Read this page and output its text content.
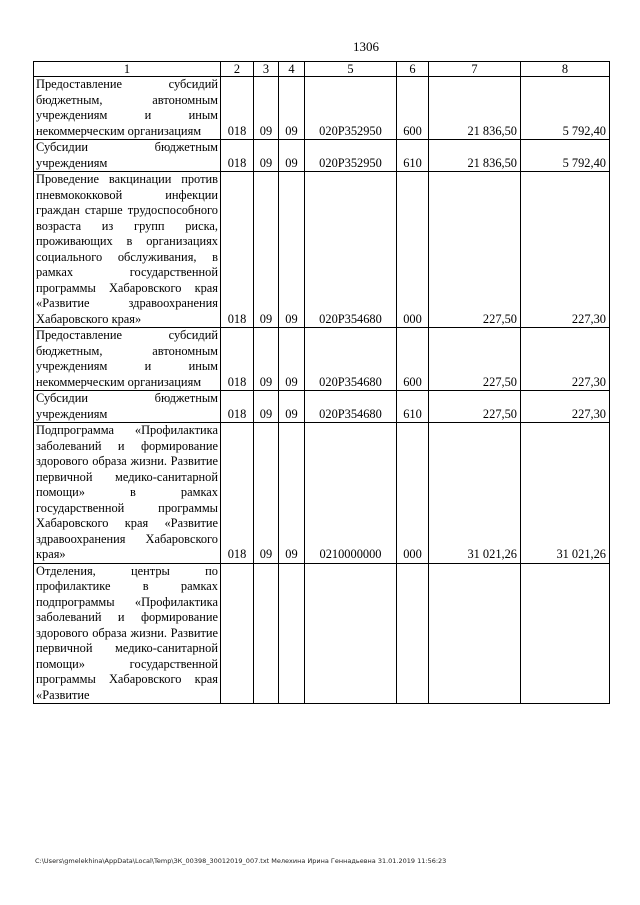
1306
1	2	3	4	5	6	7	8
Предоставление субсидий бюджетным, автономным учреждениям и иным некоммерческим организациям	018	09	09	020P352950	600	21 836,50	5 792,40
Субсидии бюджетным учреждениям	018	09	09	020P352950	610	21 836,50	5 792,40
Проведение вакцинации против пневмококковой инфекции граждан старше трудоспособного возраста из групп риска, проживающих в организациях социального обслуживания, в рамках государственной программы Хабаровского края «Развитие здравоохранения Хабаровского края»	018	09	09	020P354680	000	227,50	227,30
Предоставление субсидий бюджетным, автономным учреждениям и иным некоммерческим организациям	018	09	09	020P354680	600	227,50	227,30
Субсидии бюджетным учреждениям	018	09	09	020P354680	610	227,50	227,30
Подпрограмма «Профилактика заболеваний и формирование здорового образа жизни. Развитие первичной медико-санитарной помощи» в рамках государственной программы Хабаровского края «Развитие здравоохранения Хабаровского края»	018	09	09	0210000000	000	31 021,26	31 021,26
Отделения, центры по профилактике в рамках подпрограммы «Профилактика заболеваний и формирование здорового образа жизни. Развитие первичной медико-санитарной помощи» государственной программы Хабаровского края «Развитие							
C:\Users\gmelekhina\AppData\Local\Temp\ЗК_00398_30012019_007.txt Мелехина Ирина Геннадьевна 31.01.2019 11:56:23
